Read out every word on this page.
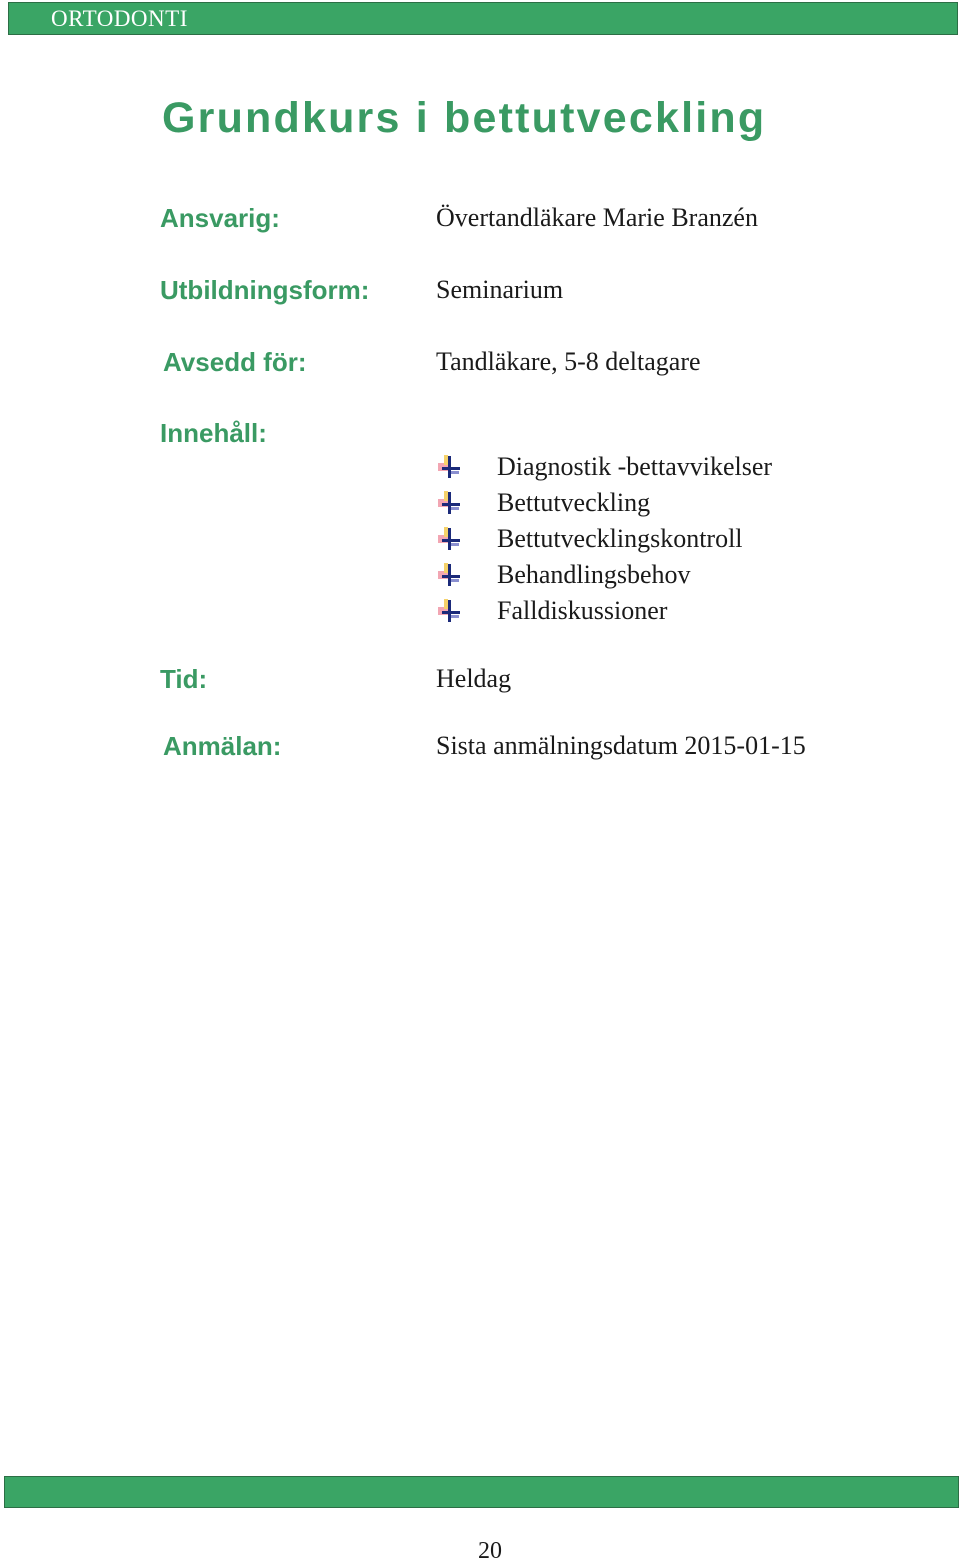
ORTODONTI
Grundkurs i bettutveckling
Ansvarig:	Övertandläkare Marie Branzén
Utbildningsform:	Seminarium
Avsedd för:	Tandläkare, 5-8 deltagare
Innehåll:
Diagnostik -bettavvikelser
Bettutveckling
Bettutvecklingskontroll
Behandlingsbehov
Falldiskussioner
Tid:	Heldag
Anmälan:	Sista anmälningsdatum 2015-01-15
20
